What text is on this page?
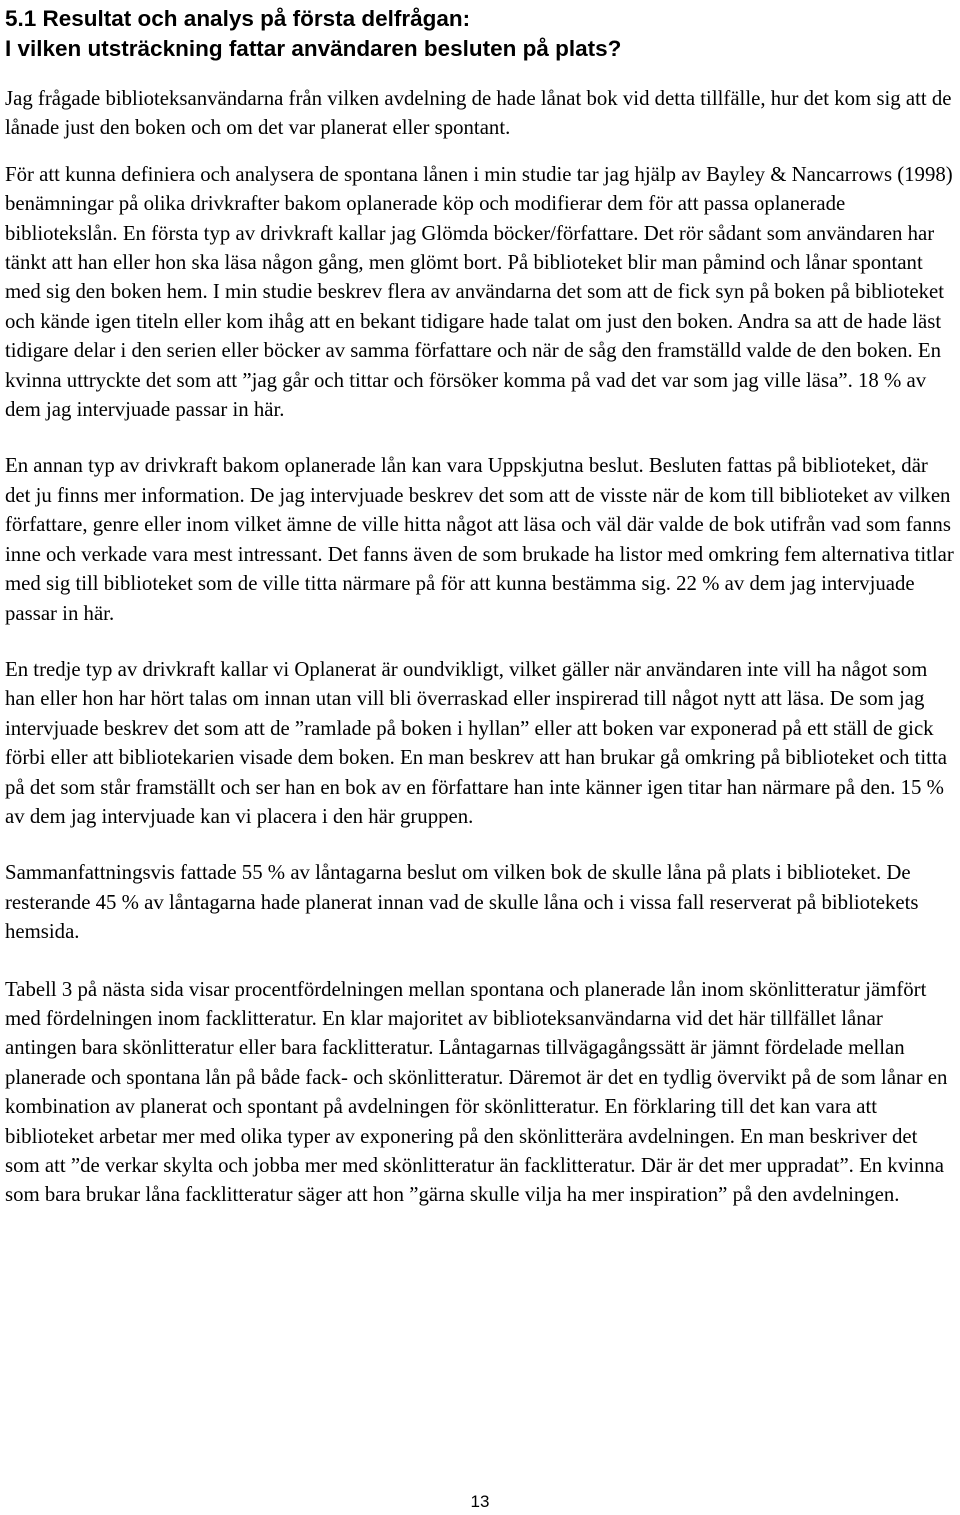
5.1 Resultat och analys på första delfrågan:
I vilken utsträckning fattar användaren besluten på plats?

Jag frågade biblioteksanvändarna från vilken avdelning de hade lånat bok vid detta tillfälle, hur det kom sig att de lånade just den boken och om det var planerat eller spontant.

För att kunna definiera och analysera de spontana lånen i min studie tar jag hjälp av Bayley & Nancarrows (1998) benämningar på olika drivkrafter bakom oplanerade köp och modifierar dem för att passa oplanerade bibliotekslån. En första typ av drivkraft kallar jag Glömda böcker/författare. Det rör sådant som användaren har tänkt att han eller hon ska läsa någon gång, men glömt bort. På biblioteket blir man påmind och lånar spontant med sig den boken hem. I min studie beskrev flera av användarna det som att de fick syn på boken på biblioteket och kände igen titeln eller kom ihåg att en bekant tidigare hade talat om just den boken. Andra sa att de hade läst tidigare delar i den serien eller böcker av samma författare och när de såg den framställd valde de den boken. En kvinna uttryckte det som att ”jag går och tittar och försöker komma på vad det var som jag ville läsa”. 18 % av dem jag intervjuade passar in här.

En annan typ av drivkraft bakom oplanerade lån kan vara Uppskjutna beslut. Besluten fattas på biblioteket, där det ju finns mer information. De jag intervjuade beskrev det som att de visste när de kom till biblioteket av vilken författare, genre eller inom vilket ämne de ville hitta något att läsa och väl där valde de bok utifrån vad som fanns inne och verkade vara mest intressant. Det fanns även de som brukade ha listor med omkring fem alternativa titlar med sig till biblioteket som de ville titta närmare på för att kunna bestämma sig. 22 % av dem jag intervjuade passar in här.

En tredje typ av drivkraft kallar vi Oplanerat är oundvikligt, vilket gäller när användaren inte vill ha något som han eller hon har hört talas om innan utan vill bli överraskad eller inspirerad till något nytt att läsa. De som jag intervjuade beskrev det som att de ”ramlade på boken i hyllan” eller att boken var exponerad på ett ställ de gick förbi eller att bibliotekarien visade dem boken. En man beskrev att han brukar gå omkring på biblioteket och titta på det som står framställt och ser han en bok av en författare han inte känner igen titar han närmare på den. 15 % av dem jag intervjuade kan vi placera i den här gruppen.

Sammanfattningsvis fattade 55 % av låntagarna beslut om vilken bok de skulle låna på plats i biblioteket. De resterande 45 % av låntagarna hade planerat innan vad de skulle låna och i vissa fall reserverat på bibliotekets hemsida.

Tabell 3 på nästa sida visar procentfördelningen mellan spontana och planerade lån inom skönlitteratur jämfört med fördelningen inom facklitteratur. En klar majoritet av biblioteksanvändarna vid det här tillfället lånar antingen bara skönlitteratur eller bara facklitteratur. Låntagarnas tillvägagångssätt är jämnt fördelade mellan planerade och spontana lån på både fack- och skönlitteratur. Däremot är det en tydlig övervikt på de som lånar en kombination av planerat och spontant på avdelningen för skönlitteratur. En förklaring till det kan vara att biblioteket arbetar mer med olika typer av exponering på den skönlitterära avdelningen. En man beskriver det som att ”de verkar skylta och jobba mer med skönlitteratur än facklitteratur. Där är det mer uppradat”. En kvinna som bara brukar låna facklitteratur säger att hon ”gärna skulle vilja ha mer inspiration” på den avdelningen.

13
